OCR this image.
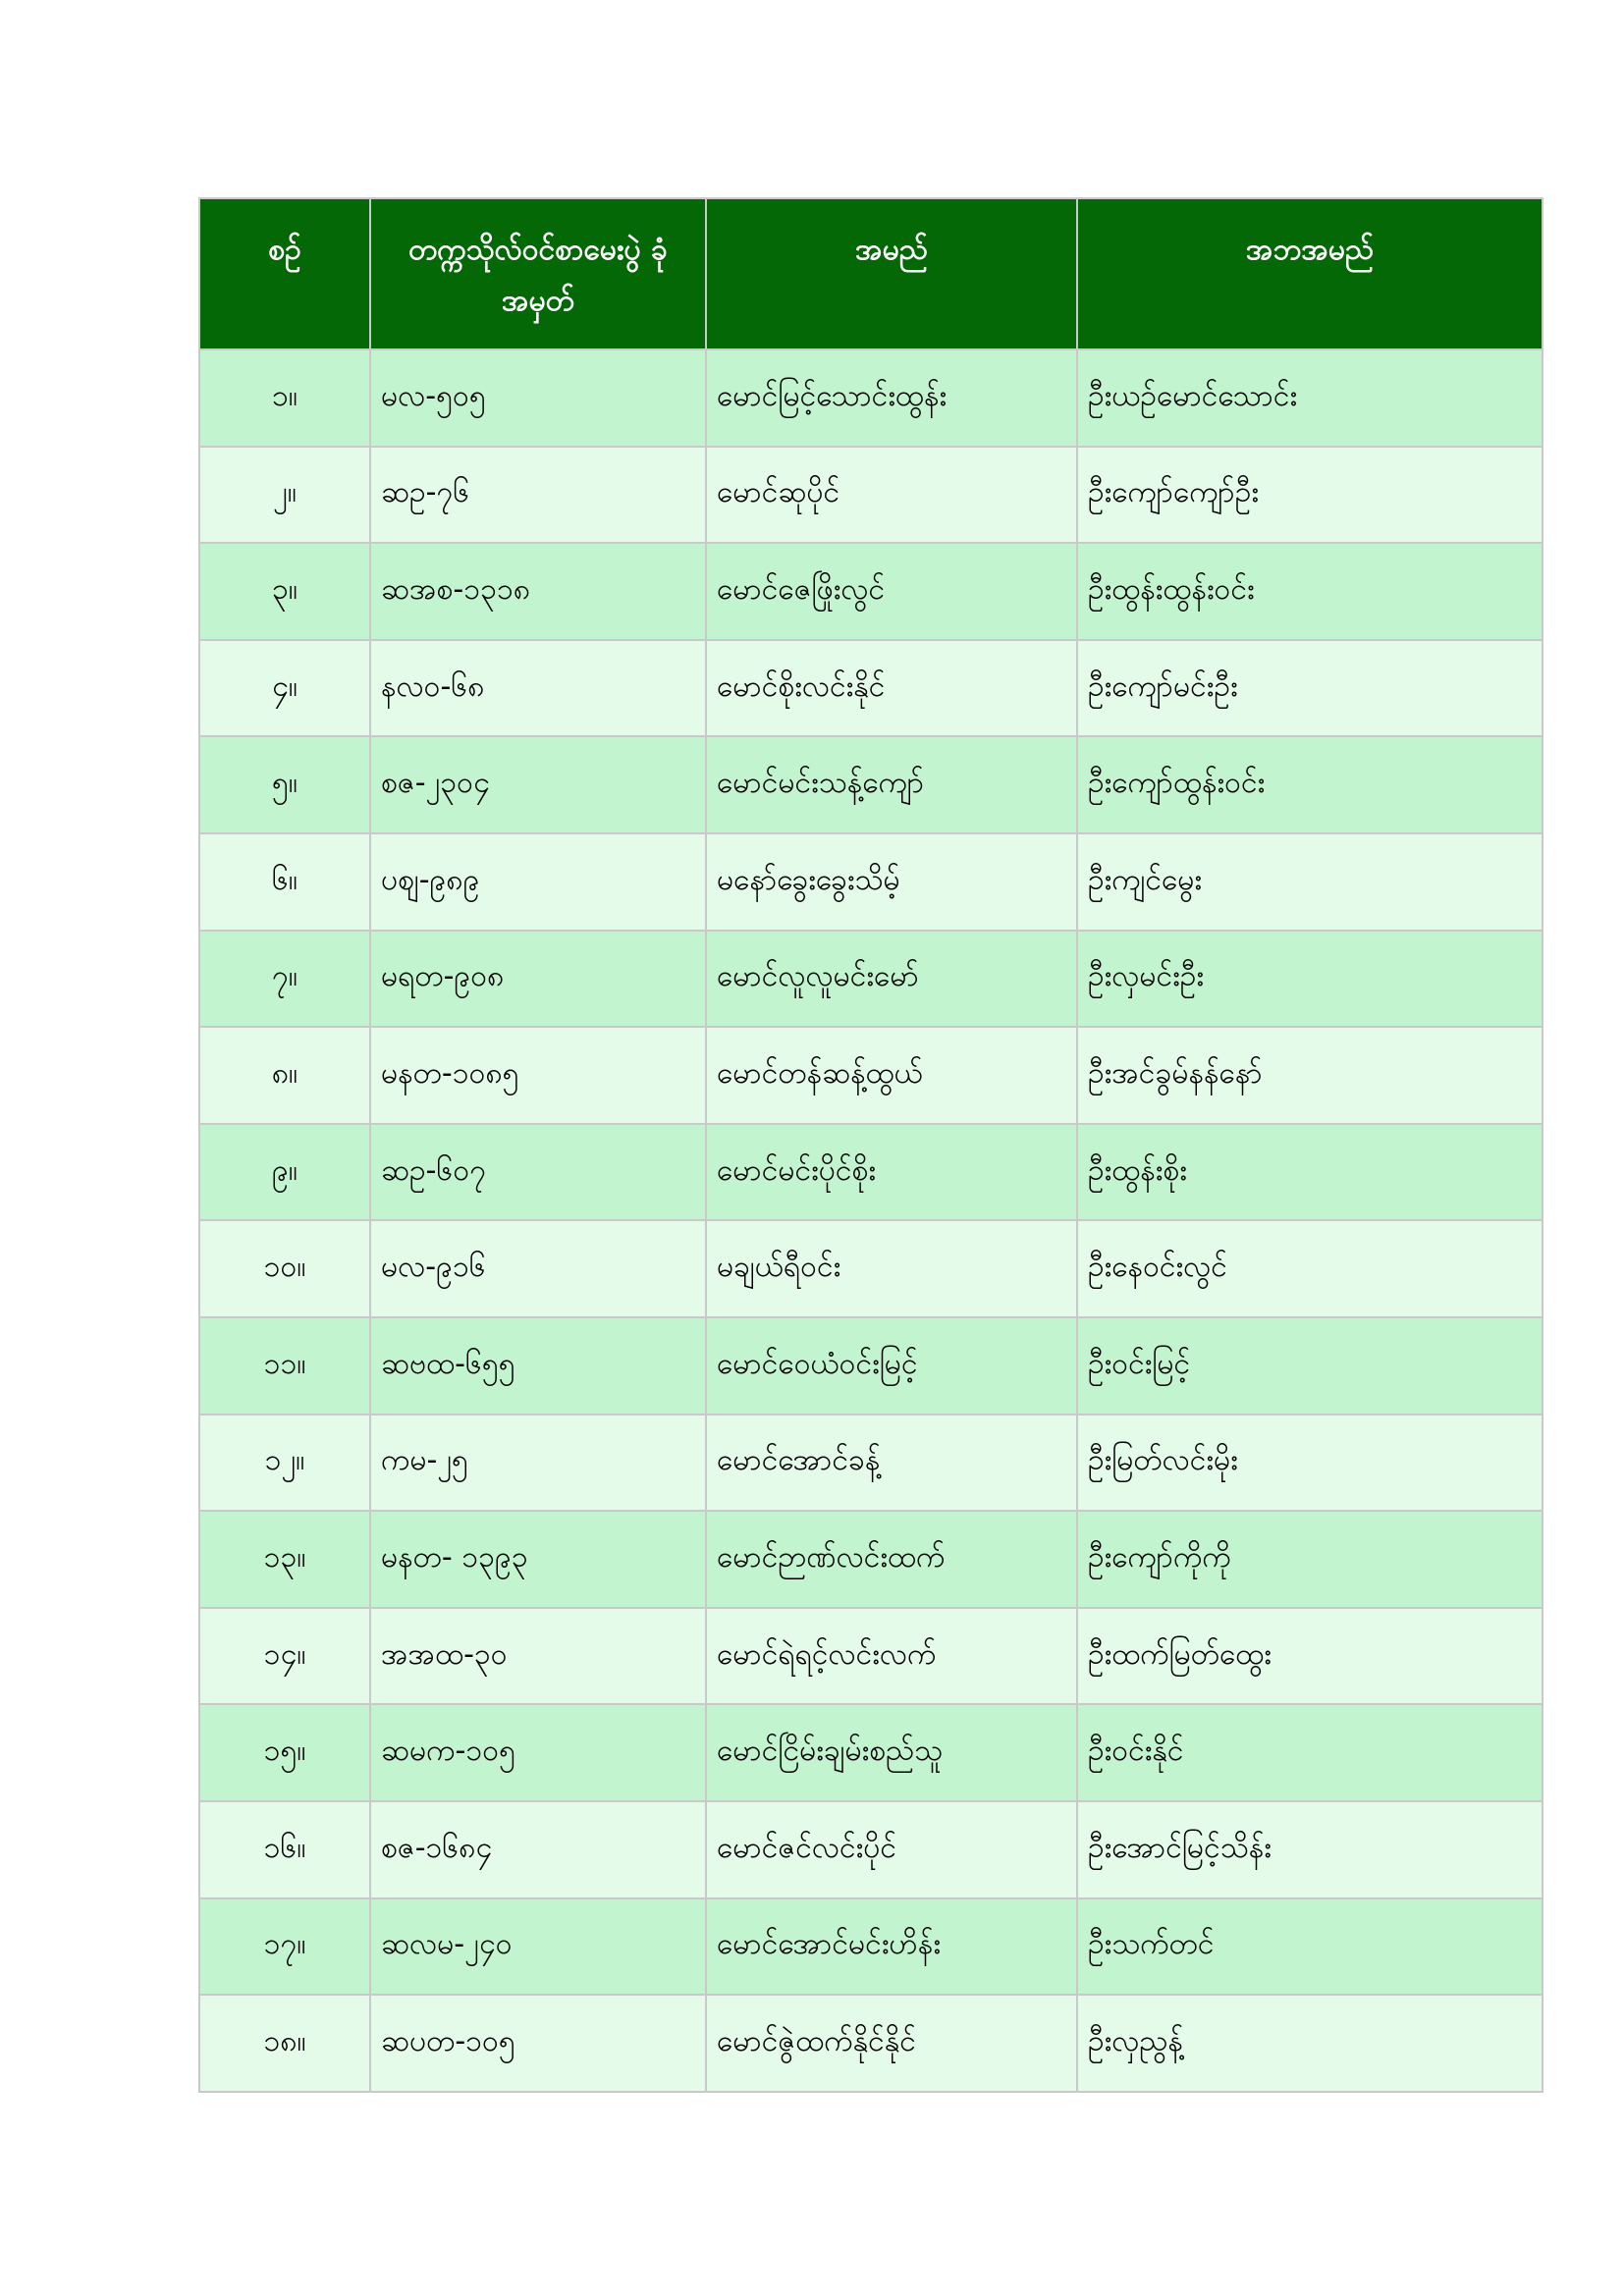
စဉ်	တက္ကသိုလ်ဝင်စာမေးပွဲ ခုံအမှတ်	အမည်	အဘအမည်
၁။	မလ-၅၀၅	မောင်မြင့်သောင်းထွန်း	ဦးယဉ်မောင်သောင်း
၂။	ဆဥ-၇၆	မောင်ဆုပိုင်	ဦးကျော်ကျော်ဦး
၃။	ဆအစ-၁၃၁၈	မောင်ဇေဖြိုးလွင်	ဦးထွန်းထွန်းဝင်း
၄။	နလဝ-၆၈	မောင်စိုးလင်းနိုင်	ဦးကျော်မင်းဦး
၅။	စဇ-၂၃၀၄	မောင်မင်းသန့်ကျော်	ဦးကျော်ထွန်းဝင်း
၆။	ပစျ-၉၈၉	မနော်ခွေးခွေးသိမ့်	ဦးကျင်မွေး
၇။	မရတ-၉၀၈	မောင်လူလူမင်းမော်	ဦးလှမင်းဦး
၈။	မနတ-၁၀၈၅	မောင်တန်ဆန့်ထွယ်	ဦးအင်ခွမ်နန်နော်
၉။	ဆဥ-၆၀၇	မောင်မင်းပိုင်စိုး	ဦးထွန်းစိုး
၁၀။	မလ-၉၁၆	မချယ်ရီဝင်း	ဦးနေဝင်းလွင်
၁၁။	ဆဗထ-၆၅၅	မောင်ဝေယံဝင်းမြင့်	ဦးဝင်းမြင့်
၁၂။	ကမ-၂၅	မောင်အောင်ခန့်	ဦးမြတ်လင်းမိုး
၁၃။	မနတ- ၁၃၉၃	မောင်ဉာဏ်လင်းထက်	ဦးကျော်ကိုကို
၁၄။	အအထ-၃၀	မောင်ရဲရင့်လင်းလက်	ဦးထက်မြတ်ထွေး
၁၅။	ဆမက-၁၀၅	မောင်ငြိမ်းချမ်းစည်သူ	ဦးဝင်းနိုင်
၁၆။	စဇ-၁၆၈၄	မောင်ဇင်လင်းပိုင်	ဦးအောင်မြင့်သိန်း
၁၇။	ဆလမ-၂၄၀	မောင်အောင်မင်းဟိန်း	ဦးသက်တင်
၁၈။	ဆပတ-၁၀၅	မောင်ဇွဲထက်နိုင်နိုင်	ဦးလှညွန့်
